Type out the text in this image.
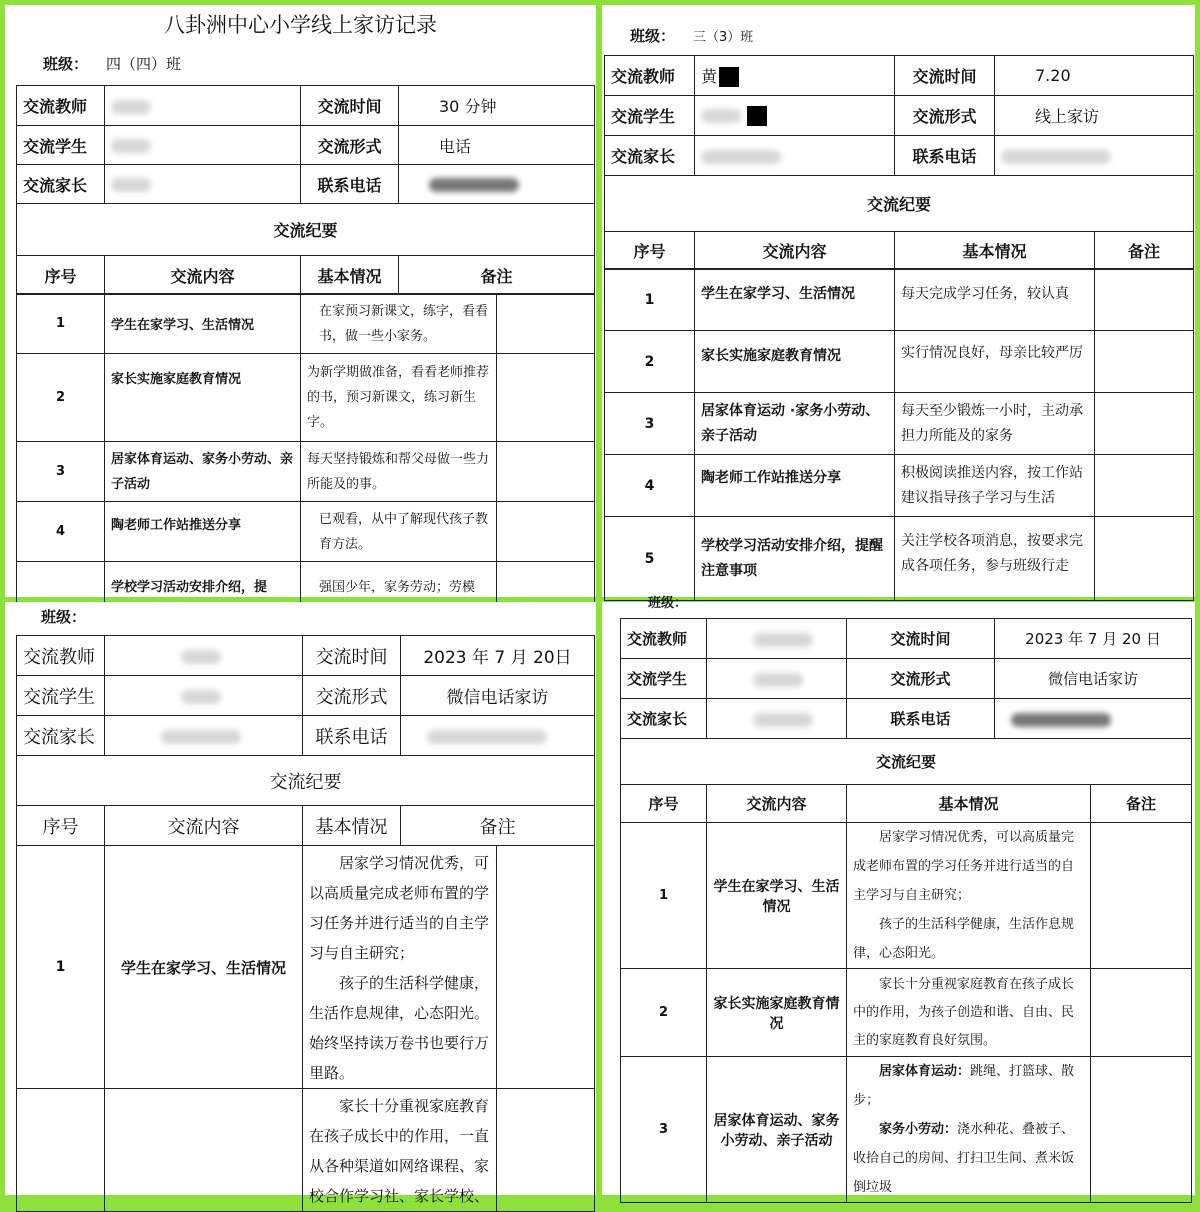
八卦洲中心小学线上家访记录
班级： 四（四）班
交流教师		交流时间	30 分钟
交流学生		交流形式	电话
交流家长		联系电话	
交流纪要			
序号	交流内容	基本情况	备注
1	学生在家学习、生活情况	在家预习新课文，练字，看看书，做一些小家务。	
2	家长实施家庭教育情况	为新学期做准备，看看老师推荐的书，预习新课文，练习新生字。	
3	居家体育运动、家务小劳动、亲子活动	每天坚持锻炼和帮父母做一些力所能及的事。	
4	陶老师工作站推送分享	已观看，从中了解现代孩子教育方法。	
	学校学习活动安排介绍，提	强国少年，家务劳动；劳模	
班级： 三（3）班
交流教师	黄	交流时间	7.20
交流学生		交流形式	线上家访
交流家长		联系电话	
交流纪要			
序号	交流内容	基本情况	备注
1	学生在家学习、生活情况	每天完成学习任务，较认真	
2	家长实施家庭教育情况	实行情况良好，母亲比较严厉	
3	居家体育运动 ·家务小劳动、亲子活动	每天至少锻炼一小时，主动承担力所能及的家务	
4	陶老师工作站推送分享	积极阅读推送内容，按工作站建议指导孩子学习与生活	
5	学校学习活动安排介绍，提醒注意事项	关注学校各项消息，按要求完成各项任务，参与班级行走	
班级：
交流教师		交流时间	2023 年 7 月 20日
交流学生		交流形式	微信电话家访
交流家长		联系电话	
交流纪要			
序号	交流内容	基本情况	备注
1	学生在家学习、生活情况	居家学习情况优秀，可以高质量完成老师布置的学习任务并进行适当的自主学习与自主研究；

孩子的生活科学健康，生活作息规律，心态阳光。始终坚持读万卷书也要行万里路。	

		家长十分重视家庭教育在孩子成长中的作用，一直从各种渠道如网络课程、家校合作学习社、家长学校、	

班级：
交流教师		交流时间	2023 年 7 月 20 日
交流学生		交流形式	微信电话家访
交流家长		联系电话	
交流纪要			
序号	交流内容	基本情况	备注
1	学生在家学习、生活情况	居家学习情况优秀，可以高质量完成老师布置的学习任务并进行适当的自主学习与自主研究；

孩子的生活科学健康，生活作息规律，心态阳光。	

2	家长实施家庭教育情况	家长十分重视家庭教育在孩子成长中的作用，为孩子创造和谐、自由、民主的家庭教育良好氛围。	

3	居家体育运动、家务小劳动、亲子活动	居家体育运动：跳绳、打篮球、散步；

家务小劳动：浇水种花、叠被子、收拾自己的房间、打扫卫生间、煮米饭倒垃圾	
